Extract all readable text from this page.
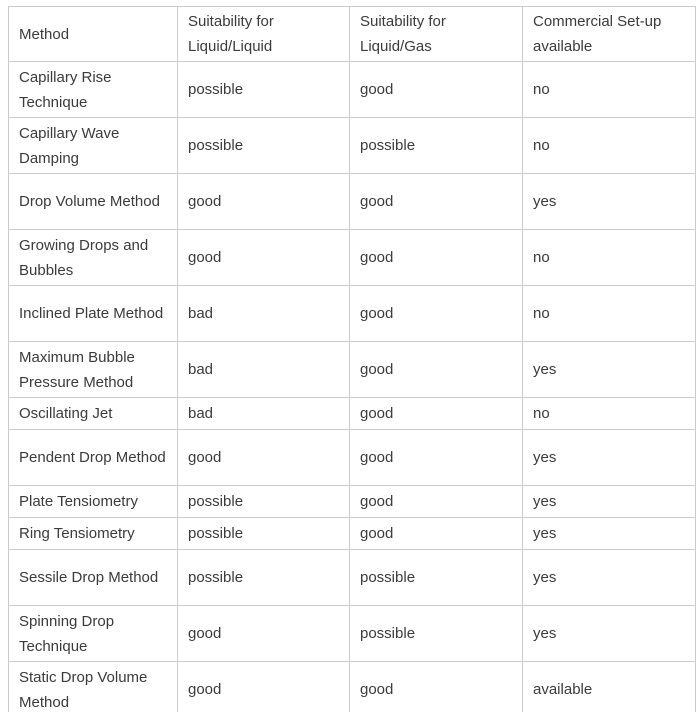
Method	Suitability for Liquid/Liquid	Suitability for Liquid/Gas	Commercial Set-up available
Capillary Rise Technique	possible	good	no
Capillary Wave Damping	possible	possible	no
Drop Volume Method	good	good	yes
Growing Drops and Bubbles	good	good	no
Inclined Plate Method	bad	good	no
Maximum Bubble Pressure Method	bad	good	yes
Oscillating Jet	bad	good	no
Pendent Drop Method	good	good	yes
Plate Tensiometry	possible	good	yes
Ring Tensiometry	possible	good	yes
Sessile Drop Method	possible	possible	yes
Spinning Drop Technique	good	possible	yes
Static Drop Volume Method	good	good	available
